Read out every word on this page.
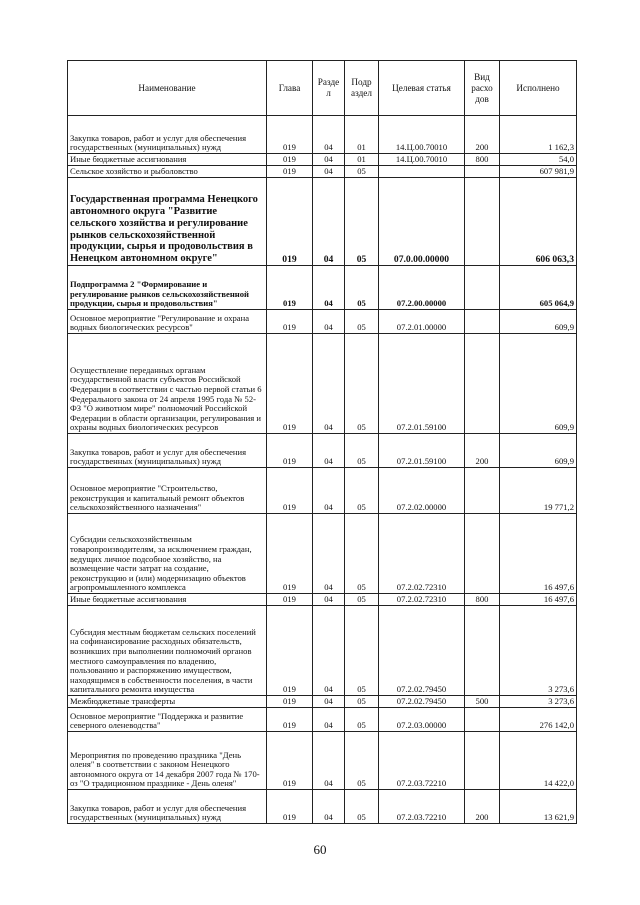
Наименование	Глава	Разде л	Подр аздел	Целевая статья	Вид расхо дов	Исполнено
Закупка товаров, работ и услуг для обеспечения государственных (муниципальных) нужд	019	04	01	14.Ц.00.70010	200	1 162,3
Иные бюджетные ассигнования	019	04	01	14.Ц.00.70010	800	54,0
Сельское хозяйство и рыболовство	019	04	05			607 981,9
Государственная программа Ненецкого автономного округа "Развитие сельского хозяйства и регулирование рынков сельскохозяйственной продукции, сырья и продовольствия в Ненецком автономном округе"	019	04	05	07.0.00.00000		606 063,3
Подпрограмма 2 "Формирование и регулирование рынков сельскохозяйственной продукции, сырья и продовольствия"	019	04	05	07.2.00.00000		605 064,9
Основное мероприятие "Регулирование и охрана водных биологических ресурсов"	019	04	05	07.2.01.00000		609,9
Осуществление переданных органам государственной власти субъектов Российской Федерации в соответствии с частью первой статьи 6 Федерального закона от 24 апреля 1995 года № 52-ФЗ "О животном мире" полномочий Российской Федерации в области организации, регулирования и охраны водных биологических ресурсов	019	04	05	07.2.01.59100		609,9
Закупка товаров, работ и услуг для обеспечения государственных (муниципальных) нужд	019	04	05	07.2.01.59100	200	609,9
Основное мероприятие "Строительство, реконструкция и капитальный ремонт объектов сельскохозяйственного назначения"	019	04	05	07.2.02.00000		19 771,2
Субсидии сельскохозяйственным товаропроизводителям, за исключением граждан, ведущих личное подсобное хозяйство, на возмещение части затрат на создание, реконструкцию и (или) модернизацию объектов агропромышленного комплекса	019	04	05	07.2.02.72310		16 497,6
Иные бюджетные ассигнования	019	04	05	07.2.02.72310	800	16 497,6
Субсидия местным бюджетам сельских поселений на софинансирование расходных обязательств, возникших при выполнении полномочий органов местного самоуправления по владению, пользованию и распоряжению имуществом, находящимся в собственности поселения, в части капитального ремонта имущества	019	04	05	07.2.02.79450		3 273,6
Межбюджетные трансферты	019	04	05	07.2.02.79450	500	3 273,6
Основное мероприятие "Поддержка и развитие северного оленеводства"	019	04	05	07.2.03.00000		276 142,0
Мероприятия по проведению праздника "День оленя" в соответствии с законом Ненецкого автономного округа от 14 декабря 2007 года № 170-оз "О традиционном празднике - День оленя"	019	04	05	07.2.03.72210		14 422,0
Закупка товаров, работ и услуг для обеспечения государственных (муниципальных) нужд	019	04	05	07.2.03.72210	200	13 621,9
60
